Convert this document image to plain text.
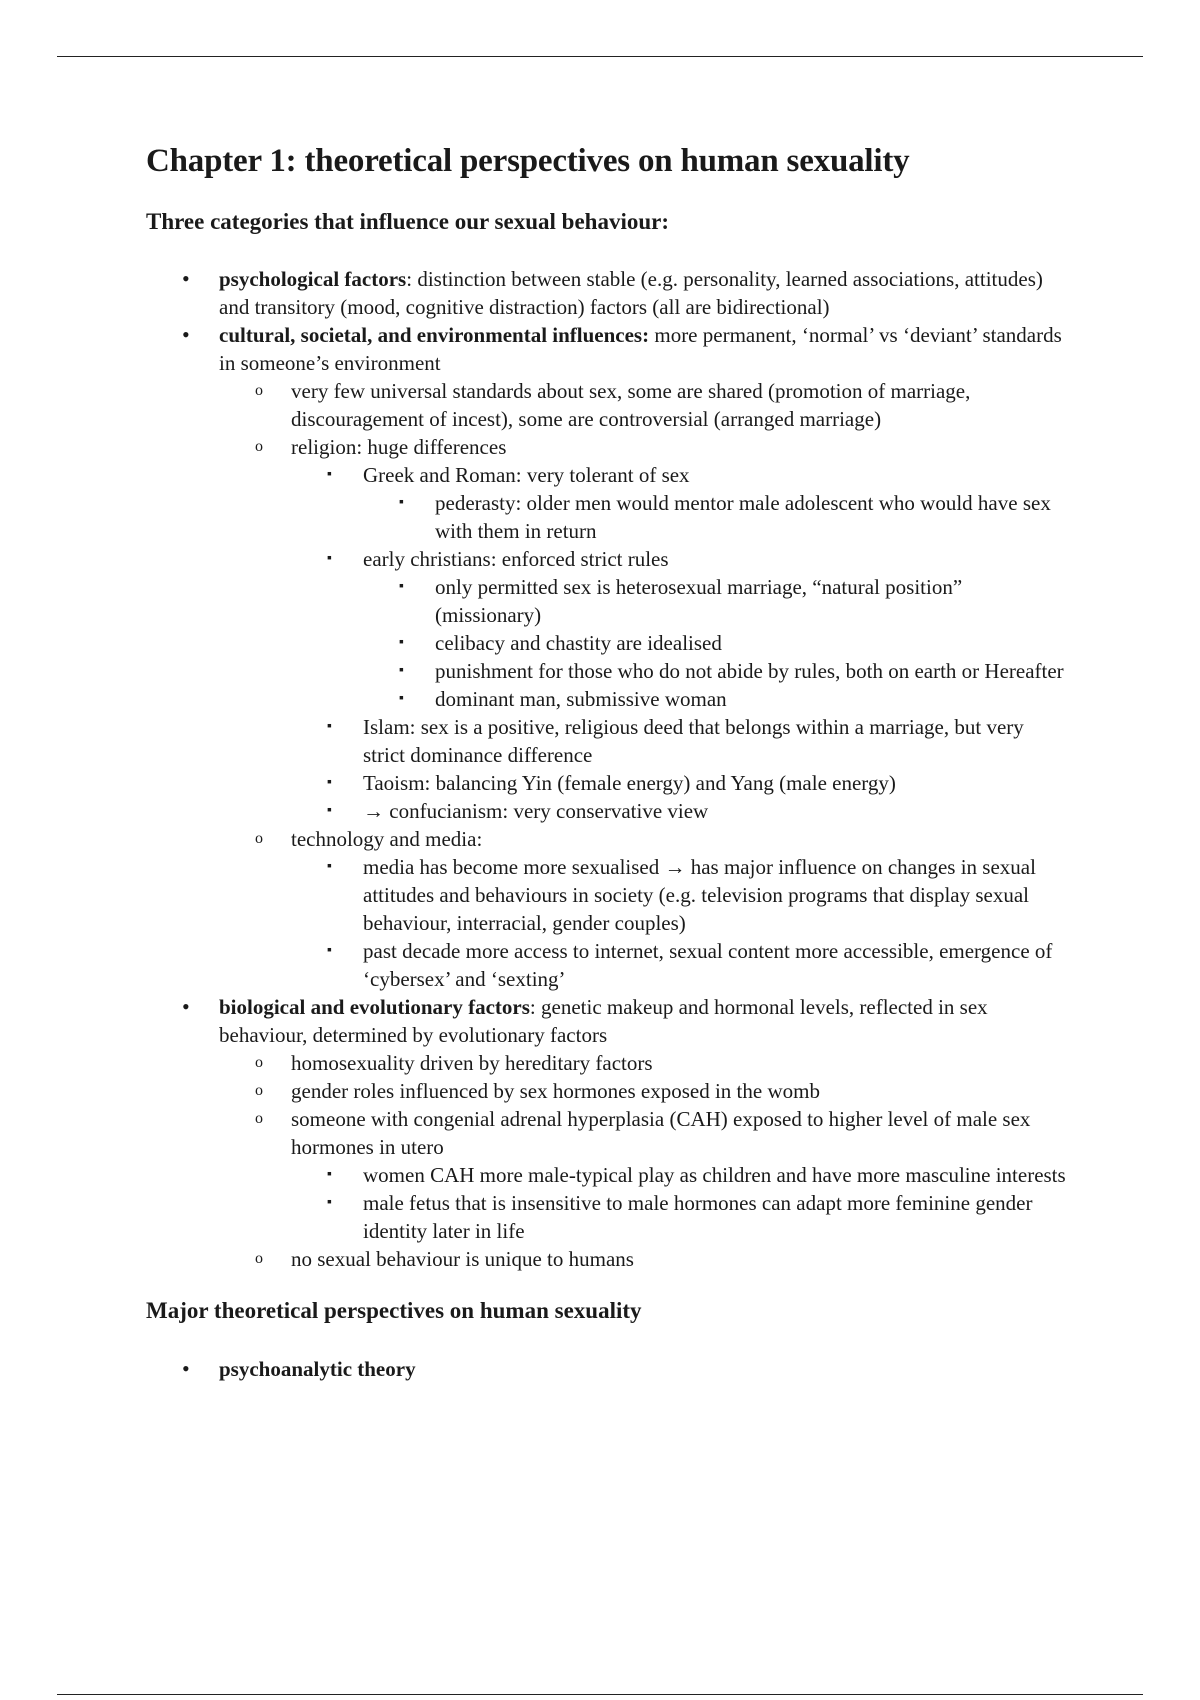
Chapter 1: theoretical perspectives on human sexuality
Three categories that influence our sexual behaviour:
• psychological factors: distinction between stable (e.g. personality, learned associations, attitudes) and transitory (mood, cognitive distraction) factors (all are bidirectional)
• cultural, societal, and environmental influences: more permanent, ‘normal’ vs ‘deviant’ standards in someone’s environment
o very few universal standards about sex, some are shared (promotion of marriage, discouragement of incest), some are controversial (arranged marriage)
o religion: huge differences
▪ Greek and Roman: very tolerant of sex
▪ pederasty: older men would mentor male adolescent who would have sex with them in return
▪ early christians: enforced strict rules
▪ only permitted sex is heterosexual marriage, “natural position” (missionary)
▪ celibacy and chastity are idealised
▪ punishment for those who do not abide by rules, both on earth or Hereafter
▪ dominant man, submissive woman
▪ Islam: sex is a positive, religious deed that belongs within a marriage, but very strict dominance difference
▪ Taoism: balancing Yin (female energy) and Yang (male energy)
▪ → confucianism: very conservative view
o technology and media:
▪ media has become more sexualised → has major influence on changes in sexual attitudes and behaviours in society (e.g. television programs that display sexual behaviour, interracial, gender couples)
▪ past decade more access to internet, sexual content more accessible, emergence of ‘cybersex’ and ‘sexting’
• biological and evolutionary factors: genetic makeup and hormonal levels, reflected in sex behaviour, determined by evolutionary factors
o homosexuality driven by hereditary factors
o gender roles influenced by sex hormones exposed in the womb
o someone with congenial adrenal hyperplasia (CAH) exposed to higher level of male sex hormones in utero
▪ women CAH more male-typical play as children and have more masculine interests
▪ male fetus that is insensitive to male hormones can adapt more feminine gender identity later in life
o no sexual behaviour is unique to humans
Major theoretical perspectives on human sexuality
• psychoanalytic theory
